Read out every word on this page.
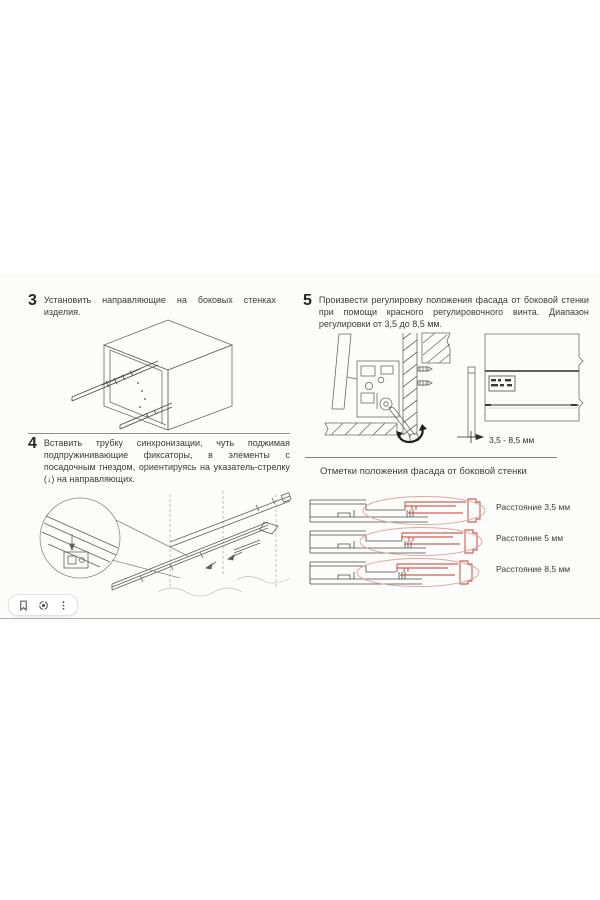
3 Установить направляющие на боковых стенках изделия.
4 Вставить трубку синхронизации, чуть поджимая подпружинивающие фиксаторы, в элементы с посадочным гнездом, ориентируясь на указатель-стрелку (↓) на направляющих.
5 Произвести регулировку положения фасада от боковой стенки при помощи красного регулировочного винта. Диапазон регулировки от 3,5 до 8,5 мм.
3,5 - 8,5 мм
Отметки положения фасада от боковой стенки
Расстояние 3,5 мм
Расстояние 5 мм
Расстояние 8,5 мм
